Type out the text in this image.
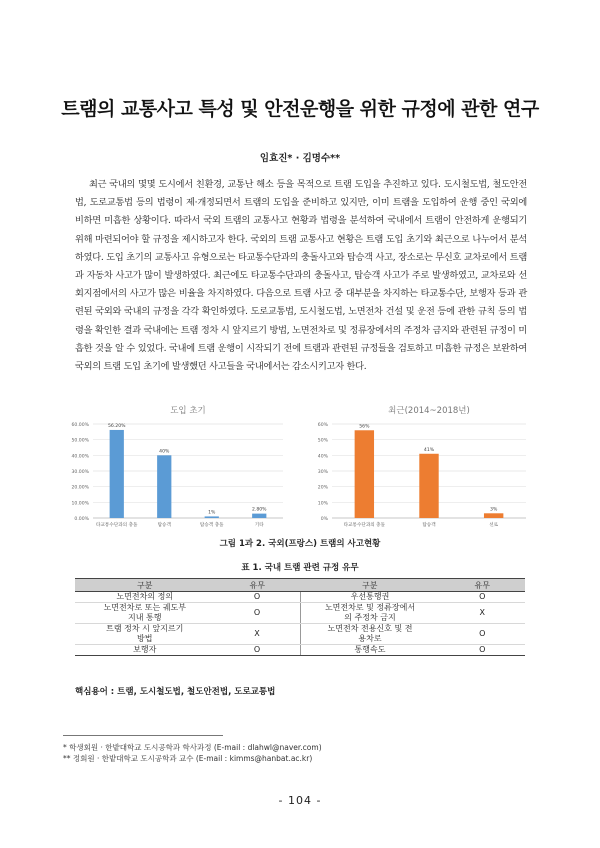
트램의 교통사고 특성 및 안전운행을 위한 규정에 관한 연구
임효진* · 김명수**

최근 국내의 몇몇 도시에서 친환경, 교통난 해소 등을 목적으로 트램 도입을 추진하고 있다. 도시철도법, 철도안전법, 도로교통법 등의 법령이 제·개정되면서 트램의 도입을 준비하고 있지만, 이미 트램을 도입하여 운행 중인 국외에 비하면 미흡한 상황이다. 따라서 국외 트램의 교통사고 현황과 법령을 분석하여 국내에서 트램이 안전하게 운행되기 위해 마련되어야 할 규정을 제시하고자 한다. 국외의 트램 교통사고 현황은 트램 도입 초기와 최근으로 나누어서 분석하였다. 도입 초기의 교통사고 유형으로는 타교통수단과의 충돌사고와 탑승객 사고, 장소로는 무신호 교차로에서 트램과 자동차 사고가 많이 발생하였다. 최근에도 타교통수단과의 충돌사고, 탑승객 사고가 주로 발생하였고, 교차로와 선회지점에서의 사고가 많은 비율을 차지하였다. 다음으로 트램 사고 중 대부분을 차지하는 타교통수단, 보행자 등과 관련된 국외와 국내의 규정을 각각 확인하였다. 도로교통법, 도시철도법, 노면전차 건설 및 운전 등에 관한 규칙 등의 법령을 확인한 결과 국내에는 트램 정차 시 앞지르기 방법, 노면전차로 및 정류장에서의 주정차 금지와 관련된 규정이 미흡한 것을 알 수 있었다. 국내에 트램 운행이 시작되기 전에 트램과 관련된 규정들을 검토하고 미흡한 규정은 보완하여 국외의 트램 도입 초기에 발생했던 사고들을 국내에서는 감소시키고자 한다.

도입 초기
0.00%
10.00%
20.00%
30.00%
40.00%
50.00%
60.00%	56.20%
타교통수단과의 충돌
40%
탑승객
1%
탑승객 충돌
2.80%
기타
최근(2014~2018년)
0%
10%
20%
30%
40%
50%
60%	56%
타교통수단과의 충돌
41%
탑승객
3%
선로
그림 1과 2. 국외(프랑스) 트램의 사고현황
표 1. 국내 트램 관련 규정 유무
구분	유무	구분	유무
노면전차의 정의	O	우선통행권	O
노면전차로 또는 궤도부지내 통행	O	노면전차로 및 정류장에서의 주정차 금지	X
트램 정차 시 앞지르기 방법	X	노면전차 전용신호 및 전용차로	O
보행자	O	통행속도	O
핵심용어 : 트램, 도시철도법, 철도안전법, 도로교통법
* 학생회원 · 한밭대학교 도시공학과 학사과정 (E-mail : dlahwl@naver.com)
** 정회원 · 한밭대학교 도시공학과 교수 (E-mail : kimms@hanbat.ac.kr)
- 104 -
